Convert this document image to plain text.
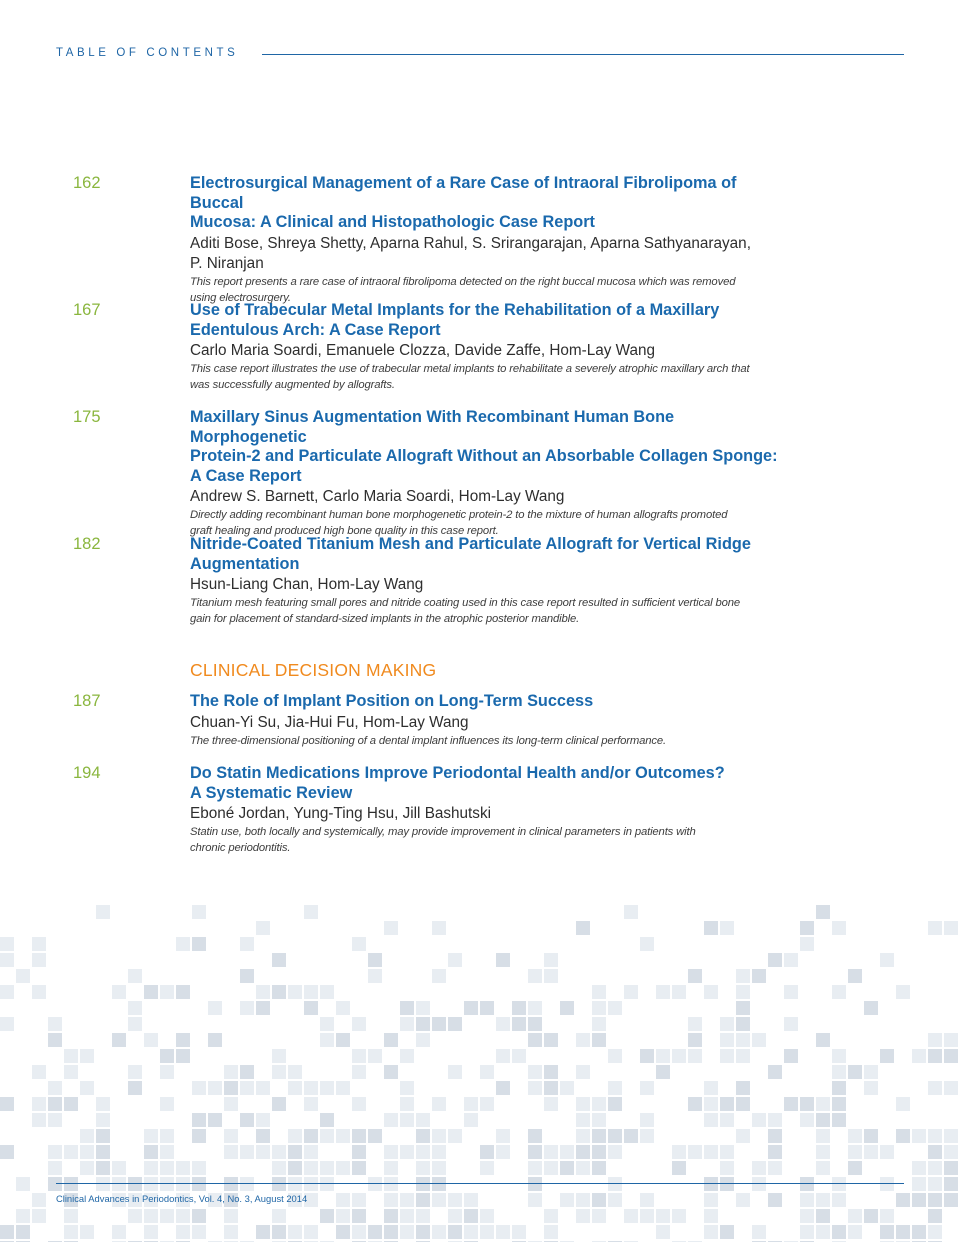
TABLE OF CONTENTS
162	Electrosurgical Management of a Rare Case of Intraoral Fibrolipoma of Buccal
Mucosa: A Clinical and Histopathologic Case Report
Aditi Bose, Shreya Shetty, Aparna Rahul, S. Srirangarajan, Aparna Sathyanarayan,
P. Niranjan
This report presents a rare case of intraoral fibrolipoma detected on the right buccal mucosa which was removed
using electrosurgery.
167	Use of Trabecular Metal Implants for the Rehabilitation of a Maxillary
Edentulous Arch: A Case Report
Carlo Maria Soardi, Emanuele Clozza, Davide Zaffe, Hom-Lay Wang
This case report illustrates the use of trabecular metal implants to rehabilitate a severely atrophic maxillary arch that
was successfully augmented by allografts.
175	Maxillary Sinus Augmentation With Recombinant Human Bone Morphogenetic
Protein-2 and Particulate Allograft Without an Absorbable Collagen Sponge:
A Case Report
Andrew S. Barnett, Carlo Maria Soardi, Hom-Lay Wang
Directly adding recombinant human bone morphogenetic protein-2 to the mixture of human allografts promoted
graft healing and produced high bone quality in this case report.
182	Nitride-Coated Titanium Mesh and Particulate Allograft for Vertical Ridge
Augmentation
Hsun-Liang Chan, Hom-Lay Wang
Titanium mesh featuring small pores and nitride coating used in this case report resulted in sufficient vertical bone
gain for placement of standard-sized implants in the atrophic posterior mandible.
187	The Role of Implant Position on Long-Term Success
Chuan-Yi Su, Jia-Hui Fu, Hom-Lay Wang
The three-dimensional positioning of a dental implant influences its long-term clinical performance.
194	Do Statin Medications Improve Periodontal Health and/or Outcomes?
A Systematic Review
Eboné Jordan, Yung-Ting Hsu, Jill Bashutski
Statin use, both locally and systemically, may provide improvement in clinical parameters in patients with
chronic periodontitis.
CLINICAL DECISION MAKING
Clinical Advances in Periodontics, Vol. 4, No. 3, August 2014
